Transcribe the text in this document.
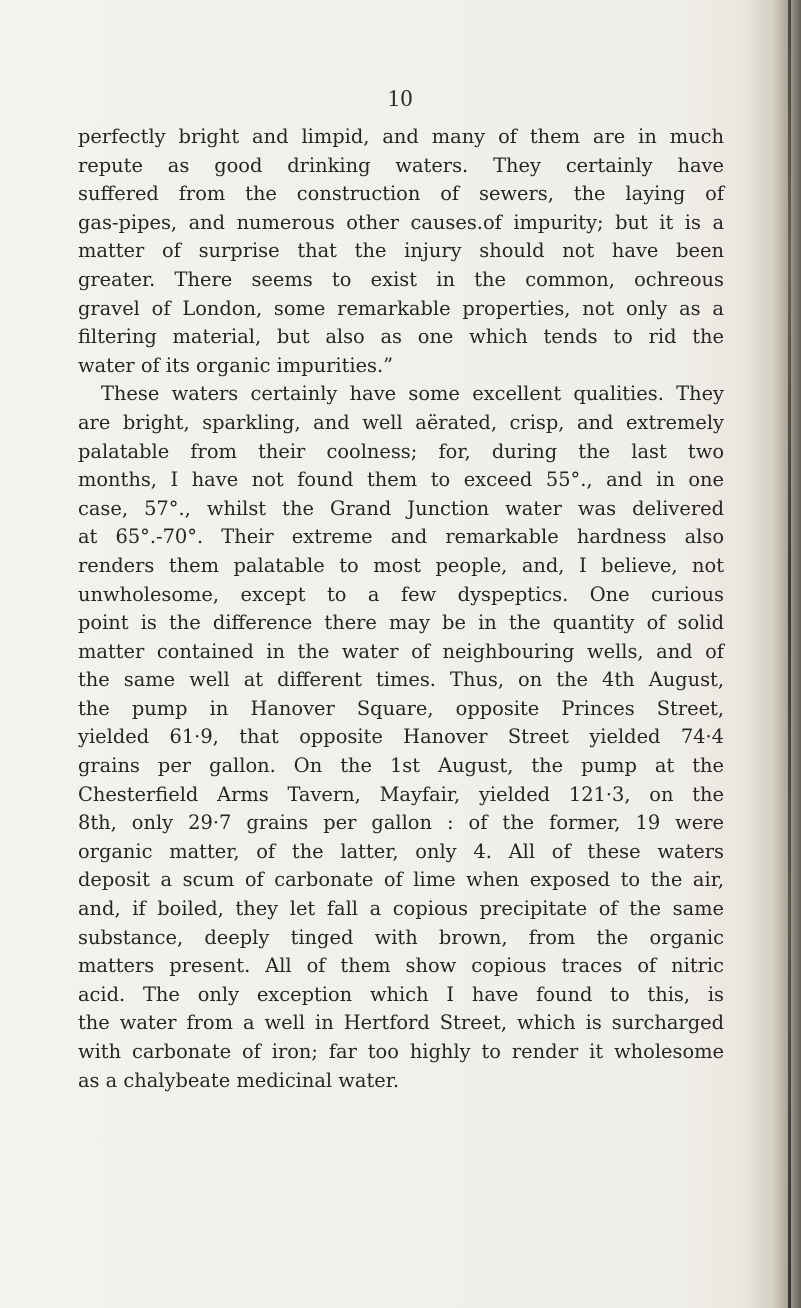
10
perfectly bright and limpid, and many of them are in much
repute as good drinking waters. They certainly have
suffered from the construction of sewers, the laying of
gas-pipes, and numerous other causes.of impurity; but it is a
matter of surprise that the injury should not have been
greater. There seems to exist in the common, ochreous
gravel of London, some remarkable properties, not only as a
filtering material, but also as one which tends to rid the
water of its organic impurities.”
These waters certainly have some excellent qualities. They
are bright, sparkling, and well aërated, crisp, and extremely
palatable from their coolness; for, during the last two
months, I have not found them to exceed 55°., and in one
case, 57°., whilst the Grand Junction water was delivered
at 65°.-70°. Their extreme and remarkable hardness also
renders them palatable to most people, and, I believe, not
unwholesome, except to a few dyspeptics. One curious
point is the difference there may be in the quantity of solid
matter contained in the water of neighbouring wells, and of
the same well at different times. Thus, on the 4th August,
the pump in Hanover Square, opposite Princes Street,
yielded 61·9, that opposite Hanover Street yielded 74·4
grains per gallon. On the 1st August, the pump at the
Chesterfield Arms Tavern, Mayfair, yielded 121·3, on the
8th, only 29·7 grains per gallon : of the former, 19 were
organic matter, of the latter, only 4. All of these waters
deposit a scum of carbonate of lime when exposed to the air,
and, if boiled, they let fall a copious precipitate of the same
substance, deeply tinged with brown, from the organic
matters present. All of them show copious traces of nitric
acid. The only exception which I have found to this, is
the water from a well in Hertford Street, which is surcharged
with carbonate of iron; far too highly to render it wholesome
as a chalybeate medicinal water.
